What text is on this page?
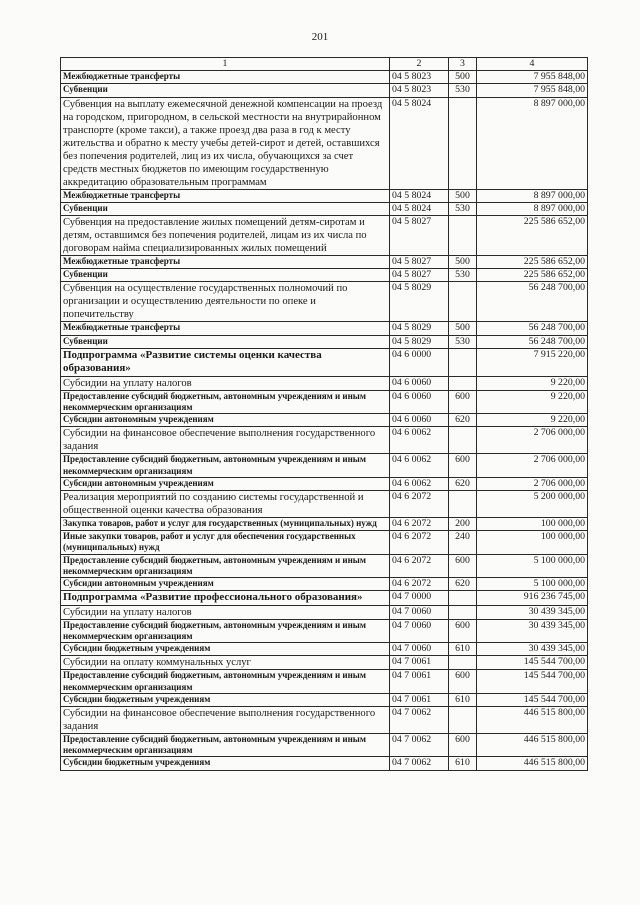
201
1	2	3	4
Межбюджетные трансферты	04 5 8023	500	7 955 848,00
Субвенции	04 5 8023	530	7 955 848,00
Субвенция на выплату ежемесячной денежной компенсации на проезд на городском, пригородном, в сельской местности на внутрирайонном транспорте (кроме такси), а также проезд два раза в год к месту жительства и обратно к месту учебы детей-сирот и детей, оставшихся без попечения родителей, лиц из их числа, обучающихся за счет средств местных бюджетов по имеющим государственную аккредитацию образовательным программам	04 5 8024		8 897 000,00
Межбюджетные трансферты	04 5 8024	500	8 897 000,00
Субвенции	04 5 8024	530	8 897 000,00
Субвенция на предоставление жилых помещений детям-сиротам и детям, оставшимся без попечения родителей, лицам из их числа по договорам найма специализированных жилых помещений	04 5 8027		225 586 652,00
Межбюджетные трансферты	04 5 8027	500	225 586 652,00
Субвенции	04 5 8027	530	225 586 652,00
Субвенция на осуществление государственных полномочий по организации и осуществлению деятельности по опеке и попечительству	04 5 8029		56 248 700,00
Межбюджетные трансферты	04 5 8029	500	56 248 700,00
Субвенции	04 5 8029	530	56 248 700,00
Подпрограмма «Развитие системы оценки качества образования»	04 6 0000		7 915 220,00
Субсидии на уплату налогов	04 6 0060		9 220,00
Предоставление субсидий бюджетным, автономным учреждениям и иным некоммерческим организациям	04 6 0060	600	9 220,00
Субсидии автономным учреждениям	04 6 0060	620	9 220,00
Субсидии на финансовое обеспечение выполнения государственного задания	04 6 0062		2 706 000,00
Предоставление субсидий бюджетным, автономным учреждениям и иным некоммерческим организациям	04 6 0062	600	2 706 000,00
Субсидии автономным учреждениям	04 6 0062	620	2 706 000,00
Реализация мероприятий по созданию системы государственной и общественной оценки качества образования	04 6 2072		5 200 000,00
Закупка товаров, работ и услуг для государственных (муниципальных) нужд	04 6 2072	200	100 000,00
Иные закупки товаров, работ и услуг для обеспечения государственных (муниципальных) нужд	04 6 2072	240	100 000,00
Предоставление субсидий бюджетным, автономным учреждениям и иным некоммерческим организациям	04 6 2072	600	5 100 000,00
Субсидии автономным учреждениям	04 6 2072	620	5 100 000,00
Подпрограмма «Развитие профессионального образования»	04 7 0000		916 236 745,00
Субсидии на уплату налогов	04 7 0060		30 439 345,00
Предоставление субсидий бюджетным, автономным учреждениям и иным некоммерческим организациям	04 7 0060	600	30 439 345,00
Субсидии бюджетным учреждениям	04 7 0060	610	30 439 345,00
Субсидии на оплату коммунальных услуг	04 7 0061		145 544 700,00
Предоставление субсидий бюджетным, автономным учреждениям и иным некоммерческим организациям	04 7 0061	600	145 544 700,00
Субсидии бюджетным учреждениям	04 7 0061	610	145 544 700,00
Субсидии на финансовое обеспечение выполнения государственного задания	04 7 0062		446 515 800,00
Предоставление субсидий бюджетным, автономным учреждениям и иным некоммерческим организациям	04 7 0062	600	446 515 800,00
Субсидии бюджетным учреждениям	04 7 0062	610	446 515 800,00
